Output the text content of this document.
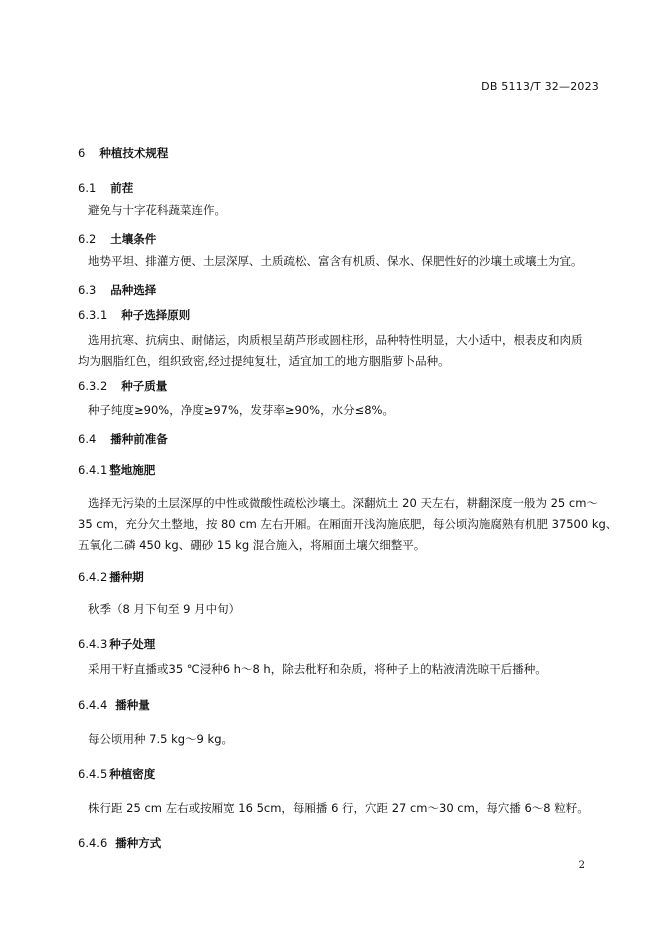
DB 5113/T 32—2023
6 种植技术规程
6.1 前茬
避免与十字花科蔬菜连作。
6.2 土壤条件
地势平坦、排灌方便、土层深厚、土质疏松、富含有机质、保水、保肥性好的沙壤土或壤土为宜。
6.3 品种选择
6.3.1 种子选择原则
选用抗寒、抗病虫、耐储运，肉质根呈葫芦形或圆柱形，品种特性明显，大小适中，根表皮和肉质
均为胭脂红色，组织致密,经过提纯复壮，适宜加工的地方胭脂萝卜品种。
6.3.2 种子质量
种子纯度≥90%，净度≥97%，发芽率≥90%，水分≤8%。
6.4 播种前准备
6.4.1 整地施肥
选择无污染的土层深厚的中性或微酸性疏松沙壤土。深翻炕土 20 天左右，耕翻深度一般为 25 cm～
35 cm，充分欠土整地，按 80 cm 左右开厢。在厢面开浅沟施底肥，每公顷沟施腐熟有机肥 37500 kg、
五氧化二磷 450 kg、硼砂 15 kg 混合施入，将厢面土壤欠细整平。
6.4.2 播种期
秋季（8 月下旬至 9 月中旬）
6.4.3 种子处理
采用干籽直播或35 ℃浸种6 h～8 h，除去秕籽和杂质，将种子上的粘液清洗晾干后播种。
6.4.4 播种量
每公顷用种 7.5 kg～9 kg。
6.4.5 种植密度
株行距 25 cm 左右或按厢宽 16 5cm，每厢播 6 行，穴距 27 cm～30 cm，每穴播 6～8 粒籽。
6.4.6 播种方式
2
